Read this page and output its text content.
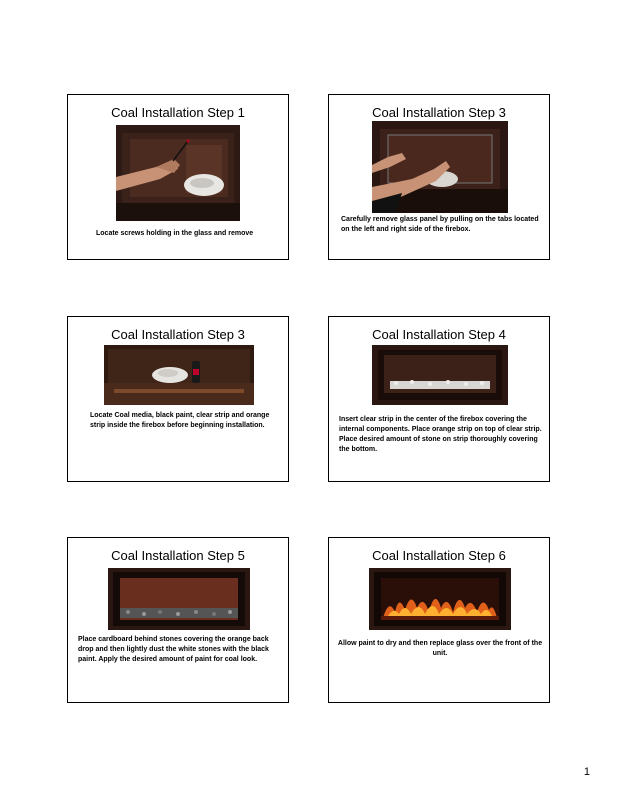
Coal Installation Step 1
Locate screws holding in the glass and remove
Coal Installation Step 3
Carefully remove glass panel by pulling on the tabs located on the left and right side of the firebox.
Coal Installation Step 3
Locate Coal media, black paint, clear strip and orange strip inside the firebox before beginning installation.
Coal Installation Step 4
Insert clear strip in the center of the firebox covering the internal components. Place orange strip on top of clear strip. Place desired amount of stone on strip thoroughly covering the bottom.
Coal Installation Step 5
Place cardboard behind stones covering the orange back drop and then lightly dust the white stones with the black paint. Apply the desired amount of paint for coal look.
Coal Installation Step 6
Allow paint to dry and then replace glass over the front of the unit.
1
